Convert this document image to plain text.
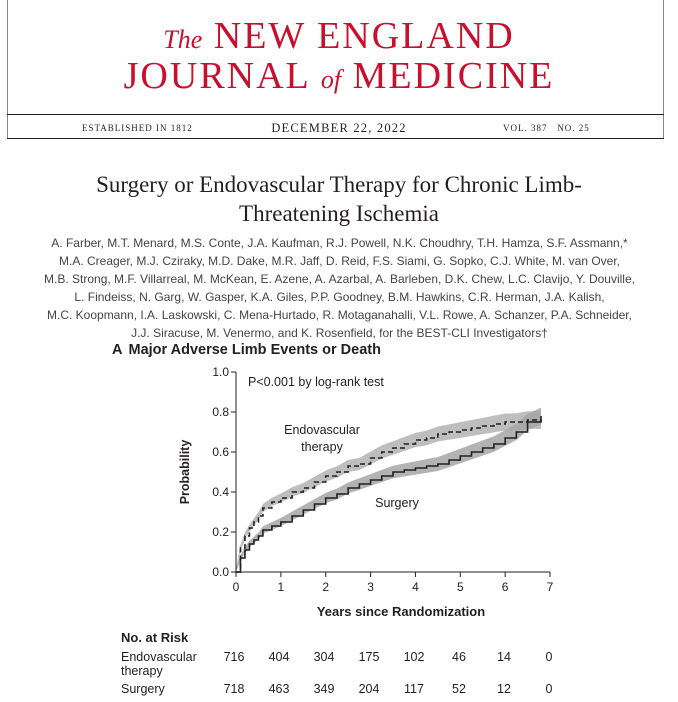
The NEW ENGLAND
JOURNAL of MEDICINE
ESTABLISHED IN 1812	DECEMBER 22, 2022	VOL. 387   NO. 25
Surgery or Endovascular Therapy for Chronic Limb-
Threatening Ischemia
A. Farber, M.T. Menard, M.S. Conte, J.A. Kaufman, R.J. Powell, N.K. Choudhry, T.H. Hamza, S.F. Assmann,*
M.A. Creager, M.J. Cziraky, M.D. Dake, M.R. Jaff, D. Reid, F.S. Siami, G. Sopko, C.J. White, M. van Over,
M.B. Strong, M.F. Villarreal, M. McKean, E. Azene, A. Azarbal, A. Barleben, D.K. Chew, L.C. Clavijo, Y. Douville,
L. Findeiss, N. Garg, W. Gasper, K.A. Giles, P.P. Goodney, B.M. Hawkins, C.R. Herman, J.A. Kalish,
M.C. Koopmann, I.A. Laskowski, C. Mena-Hurtado, R. Motaganahalli, V.L. Rowe, A. Schanzer, P.A. Schneider,
J.J. Siracuse, M. Venermo, and K. Rosenfield, for the BEST-CLI Investigators†
A Major Adverse Limb Events or Death
0.0
0.2
0.4
0.6
0.8
1.0
0	1	2	3	4	5	6	7
Probability
Years since Randomization
P<0.001 by log-rank test
Endovascular
therapy
Surgery
No. at Risk
Endovascular
therapy
716	404	304	175	102	46	14	0
Surgery	718	463	349	204	117	52	12	0
